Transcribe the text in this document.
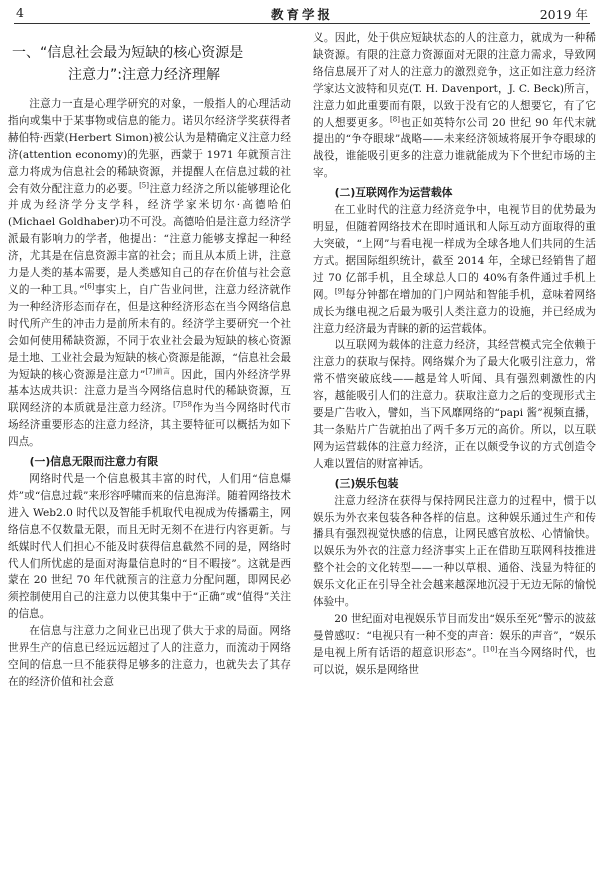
4	教育学报	2019 年
一、“信息社会最为短缺的核心资源是
注意力”:注意力经济理解

注意力一直是心理学研究的对象，一般指人的心理活动指向或集中于某事物或信息的能力。诺贝尔经济学奖获得者赫伯特·西蒙(Herbert Simon)被公认为是精确定义注意力经济(attention economy)的先驱，西蒙于 1971 年就预言注意力将成为信息社会的稀缺资源，并提醒人在信息过载的社会有效分配注意力的必要。[5]注意力经济之所以能够理论化并成为经济学分支学科，经济学家米切尔·高德哈伯(Michael Goldhaber)功不可没。高德哈伯是注意力经济学派最有影响力的学者，他提出：“注意力能够支撑起一种经济，尤其是在信息资源丰富的社会；而且从本质上讲，注意力是人类的基本需要，是人类感知自己的存在价值与社会意义的一种工具。”[6]事实上，自广告业问世，注意力经济就作为一种经济形态而存在，但是这种经济形态在当今网络信息时代所产生的冲击力是前所未有的。经济学主要研究一个社会如何使用稀缺资源，不同于农业社会最为短缺的核心资源是土地、工业社会最为短缺的核心资源是能源，“信息社会最为短缺的核心资源是注意力”$^{[7]前言}$。因此，国内外经济学界基本达成共识：注意力是当今网络信息时代的稀缺资源，互联网经济的本质就是注意力经济。$^{[7]58}$作为当今网络时代市场经济重要形态的注意力经济，其主要特征可以概括为如下四点。

(一)信息无限而注意力有限

网络时代是一个信息极其丰富的时代，人们用“信息爆炸”或“信息过载”来形容呼啸而来的信息海洋。随着网络技术进入 Web2.0 时代以及智能手机取代电视成为传播霸主，网络信息不仅数量无限，而且无时无刻不在进行内容更新。与纸媒时代人们担心不能及时获得信息截然不同的是，网络时代人们所忧虑的是面对海量信息时的“目不暇接”。这就是西蒙在 20 世纪 70 年代就预言的注意力分配问题，即网民必须控制使用自己的注意力以使其集中于“正确”或“值得”关注的信息。

在信息与注意力之间业已出现了供大于求的局面。网络世界生产的信息已经远远超过了人的注意力，而流动于网络空间的信息一旦不能获得足够多的注意力，也就失去了其存在的经济价值和社会意

义。因此，处于供应短缺状态的人的注意力，就成为一种稀缺资源。有限的注意力资源面对无限的注意力需求，导致网络信息展开了对人的注意力的激烈竞争，这正如注意力经济学家达文波特和贝克(T. H. Davenport，J. C. Beck)所言，注意力如此重要而有限，以致于没有它的人想要它，有了它的人想要更多。[8]也正如英特尔公司 20 世纪 90 年代末就提出的“争夺眼球”战略——未来经济领域将展开争夺眼球的战役，谁能吸引更多的注意力谁就能成为下个世纪市场的主宰。

(二)互联网作为运营载体

在工业时代的注意力经济竞争中，电视节目的优势最为明显，但随着网络技术在即时通讯和人际互动方面取得的重大突破，“上网”与看电视一样成为全球各地人们共同的生活方式。据国际组织统计，截至 2014 年，全球已经销售了超过 70 亿部手机，且全球总人口的 40%有条件通过手机上网。[9]每分钟都在增加的门户网站和智能手机，意味着网络成长为继电视之后最为吸引人类注意力的设施，并已经成为注意力经济最为青睐的新的运营载体。

以互联网为载体的注意力经济，其经营模式完全依赖于注意力的获取与保持。网络媒介为了最大化吸引注意力，常常不惜突破底线——越是耸人听闻、具有强烈刺激性的内容，越能吸引人们的注意力。获取注意力之后的变现形式主要是广告收入，譬如，当下风靡网络的“papi 酱”视频直播，其一条贴片广告就拍出了两千多万元的高价。所以，以互联网为运营载体的注意力经济，正在以颇受争议的方式创造令人难以置信的财富神话。

(三)娱乐包装

注意力经济在获得与保持网民注意力的过程中，惯于以娱乐为外衣来包装各种各样的信息。这种娱乐通过生产和传播具有强烈视觉快感的信息，让网民感官放松、心情愉快。以娱乐为外衣的注意力经济事实上正在借助互联网科技推进整个社会的文化转型——一种以草根、通俗、浅显为特征的娱乐文化正在引导全社会越来越深地沉浸于无边无际的愉悦体验中。

20 世纪面对电视娱乐节目而发出“娱乐至死”警示的波兹曼曾感叹：“电视只有一种不变的声音：娱乐的声音”，“娱乐是电视上所有话语的超意识形态”。[10]在当今网络时代，也可以说，娱乐是网络世
